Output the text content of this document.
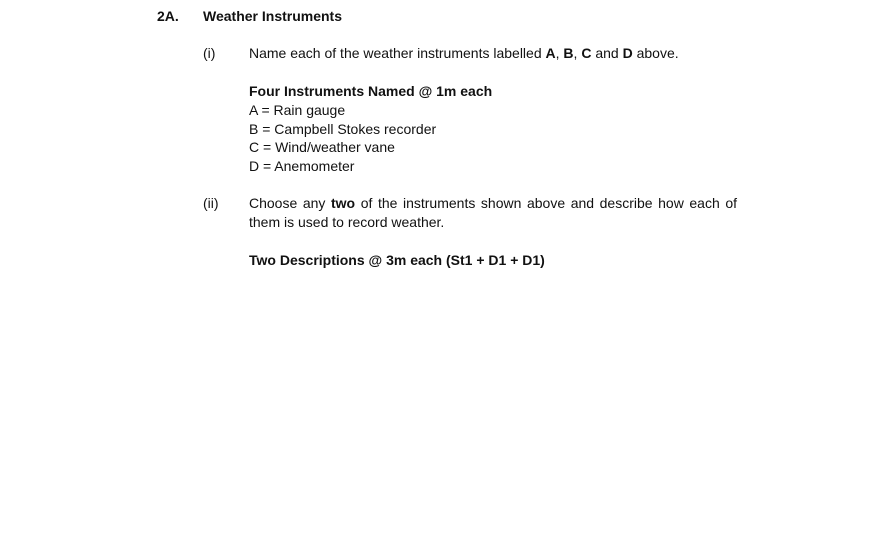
2A. Weather Instruments
(i) Name each of the weather instruments labelled A, B, C and D above.
Four Instruments Named @ 1m each
A = Rain gauge
B = Campbell Stokes recorder
C = Wind/weather vane
D = Anemometer
(ii) Choose any two of the instruments shown above and describe how each of them is used to record weather.
Two Descriptions @ 3m each (St1 + D1 + D1)
